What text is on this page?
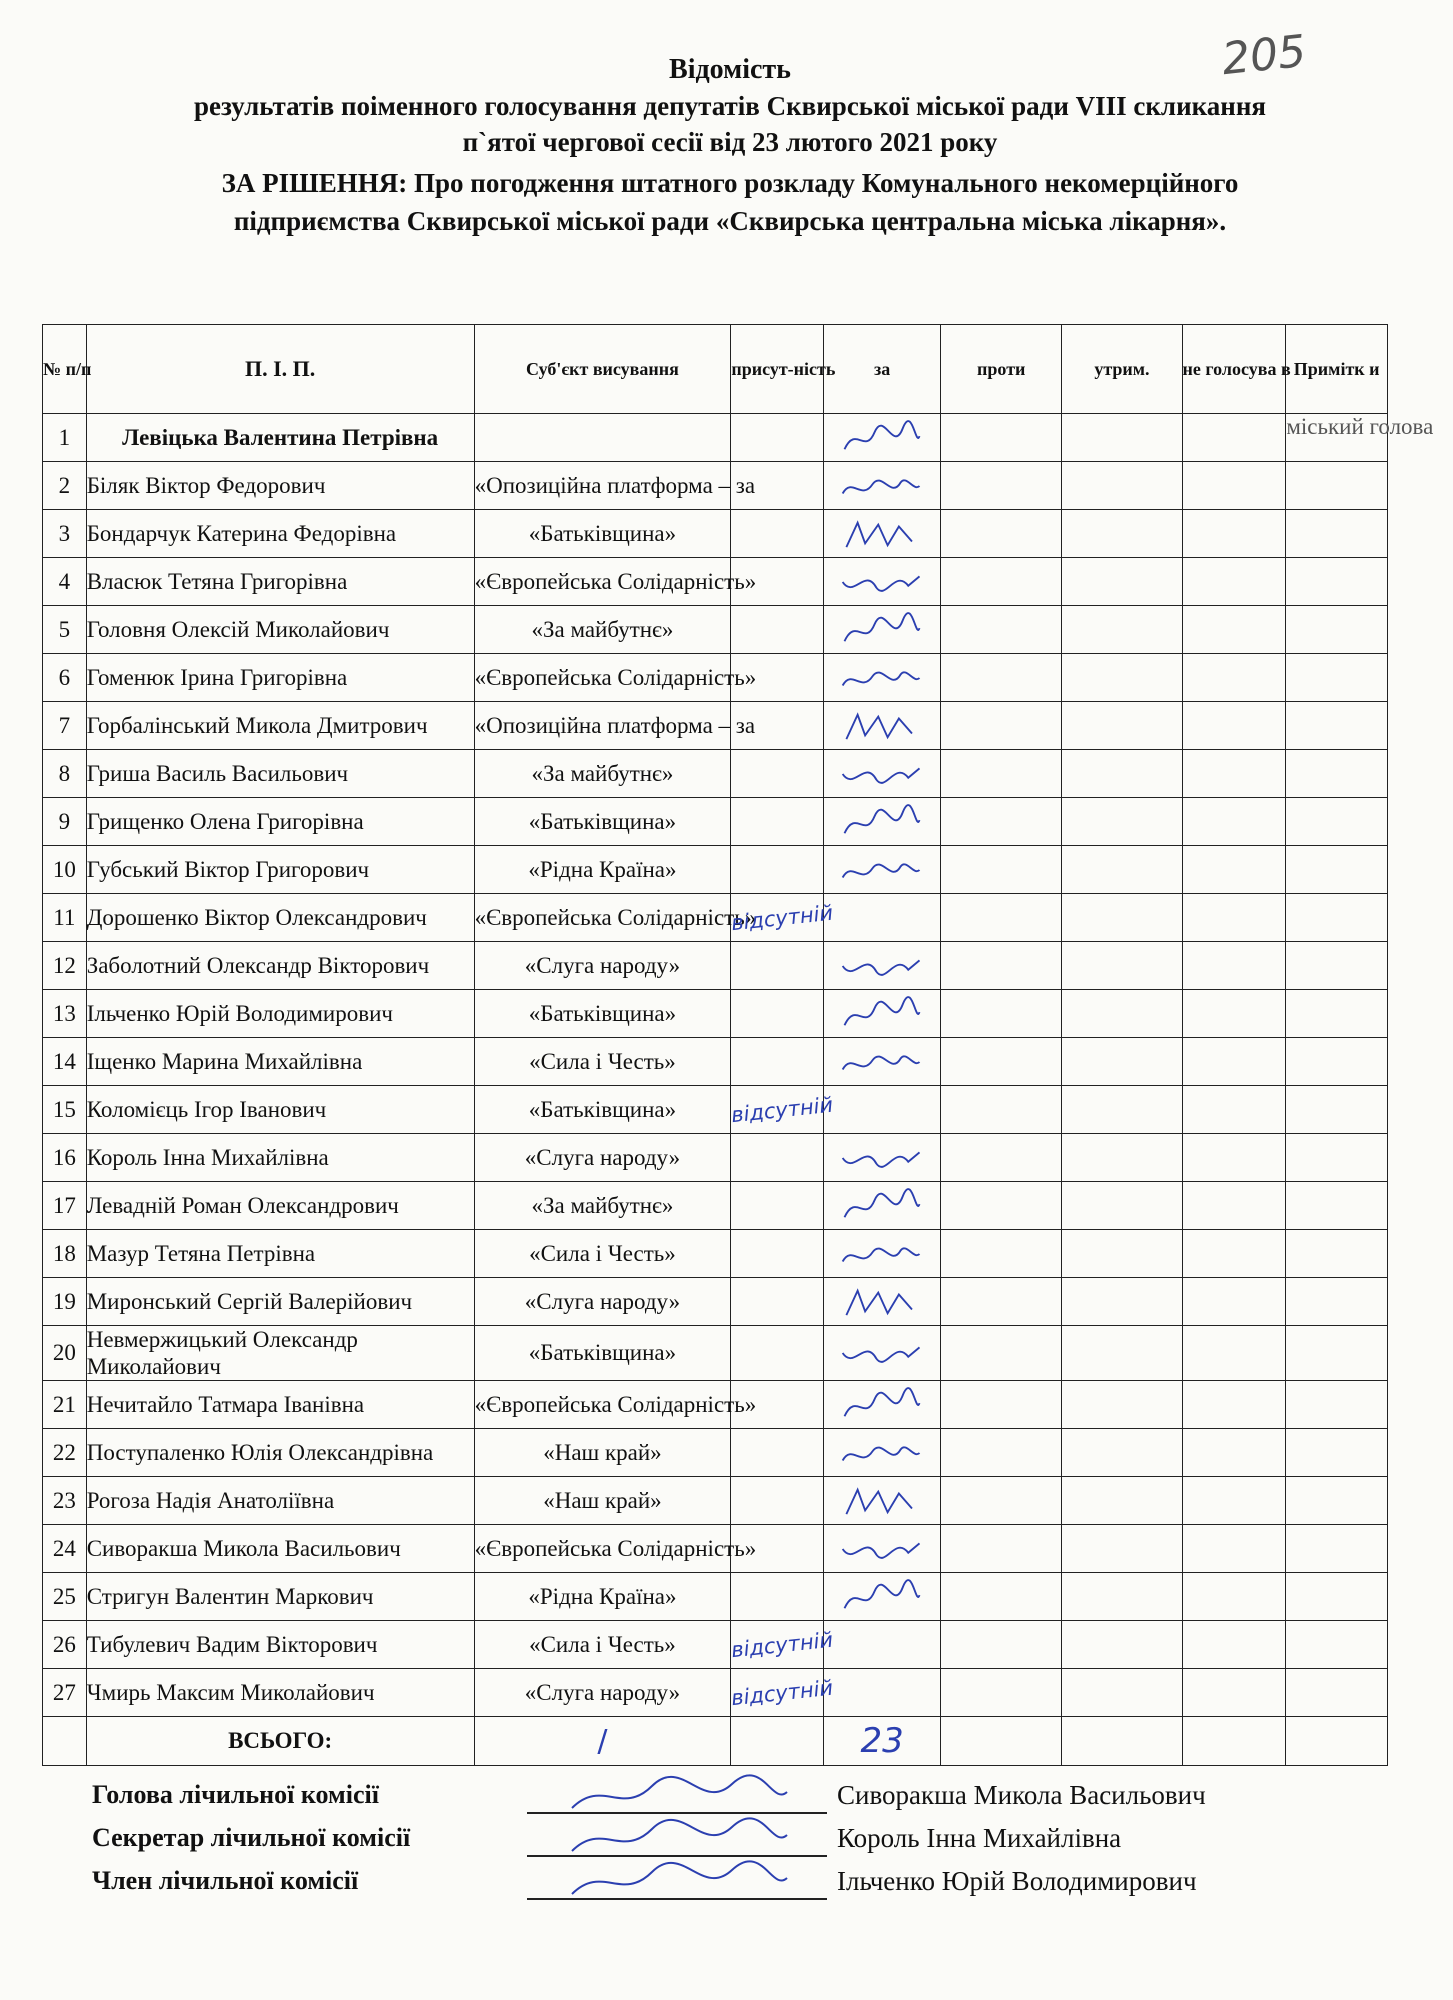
205
Відомість
результатів поіменного голосування депутатів Сквирської міської ради VIII скликання
п`ятої чергової сесії від 23 лютого 2021 року
ЗА РІШЕННЯ: Про погодження штатного розкладу Комунального некомерційного
підприємства Сквирської міської ради «Сквирська центральна міська лікарня».
№ п/п	П. І. П.	Суб'єкт висування	присут-ність	за	проти	утрим.	не голосува в	Примітк и
1	Левіцька Валентина Петрівна							міський голова
2	Біляк Віктор Федорович	«Опозиційна платформа – за		

3	Бондарчук Катерина Федорівна	«Батьківщина»		

4	Власюк Тетяна Григорівна	«Європейська Солідарність»		

5	Головня Олексій Миколайович	«За майбутнє»		

6	Гоменюк Ірина Григорівна	«Європейська Солідарність»		

7	Горбалінський Микола Дмитрович	«Опозиційна платформа – за		

8	Гриша Василь Васильович	«За майбутнє»		

9	Грищенко Олена Григорівна	«Батьківщина»		

10	Губський Віктор Григорович	«Рідна Країна»		

11	Дорошенко Віктор Олександрович	«Європейська Солідарність»	відсутній					
12	Заболотний Олександр Вікторович	«Слуга народу»		

13	Ільченко Юрій Володимирович	«Батьківщина»		

14	Іщенко Марина Михайлівна	«Сила і Честь»		

15	Коломієць Ігор Іванович	«Батьківщина»	відсутній					
16	Король Інна Михайлівна	«Слуга народу»		

17	Левадній Роман Олександрович	«За майбутнє»		

18	Мазур Тетяна Петрівна	«Сила і Честь»		

19	Миронський Сергій Валерійович	«Слуга народу»		

20	Невмержицький Олександр Миколайович	«Батьківщина»		

21	Нечитайло Татмара Іванівна	«Європейська Солідарність»		

22	Поступаленко Юлія Олександрівна	«Наш край»		

23	Рогоза Надія Анатоліївна	«Наш край»		

24	Сиворакша Микола Васильович	«Європейська Солідарність»		

25	Стригун Валентин Маркович	«Рідна Країна»		

26	Тибулевич Вадим Вікторович	«Сила і Честь»	відсутній					
27	Чмирь Максим Миколайович	«Слуга народу»	відсутній					
	ВСЬОГО:	/		23				
Голова лічильної комісії	Сиворакша Микола Васильович
Секретар лічильної комісії	Король Інна Михайлівна
Член лічильної комісії	Ільченко Юрій Володимирович
